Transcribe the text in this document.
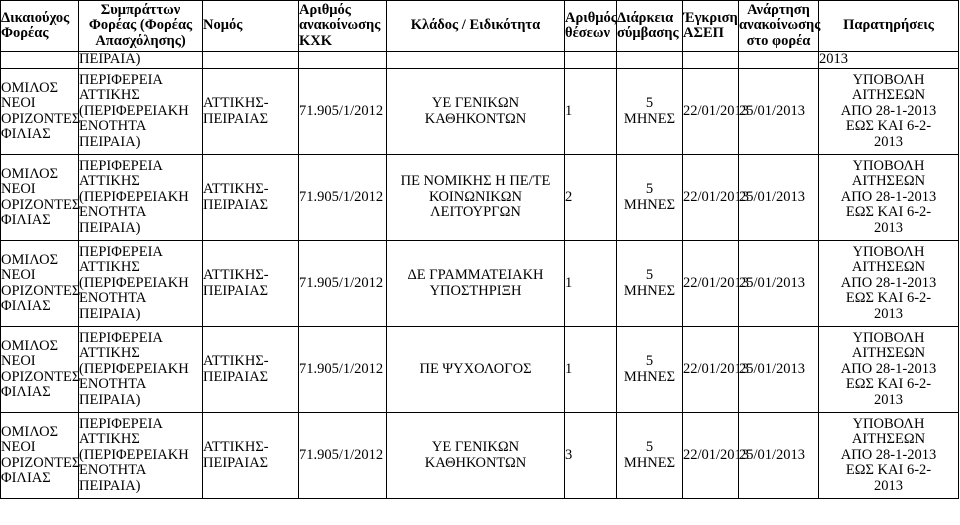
Δικαιούχος
Φορέας	Συμπράττων
Φορέας (Φορέας
Απασχόλησης)	Νομός	Αριθμός
ανακοίνωσης
ΚΧΚ	Κλάδος / Ειδικότητα	Αριθμός
θέσεων	Διάρκεια
σύμβασης	Έγκριση
ΑΣΕΠ	Ανάρτηση
ανακοίνωσης
στο φορέα	Παρατηρήσεις
	ΠΕΙΡΑΙΑ)								2013
ΟΜΙΛΟΣ
ΝΕΟΙ
ΟΡΙΖΟΝΤΕΣ
ΦΙΛΙΑΣ	ΠΕΡΙΦΕΡΕΙΑ
ΑΤΤΙΚΗΣ
(ΠΕΡΙΦΕΡΕΙΑΚΗ
ΕΝΟΤΗΤΑ
ΠΕΙΡΑΙΑ)	ΑΤΤΙΚΗΣ-
ΠΕΙΡΑΙΑΣ	71.905/1/2012	ΥΕ ΓΕΝΙΚΩΝ
ΚΑΘΗΚΟΝΤΩΝ	1	5
ΜΗΝΕΣ	22/01/2013	25/01/2013	ΥΠΟΒΟΛΗ
ΑΙΤΗΣΕΩΝ
ΑΠΟ 28-1-2013
ΕΩΣ ΚΑΙ 6-2-
2013
ΟΜΙΛΟΣ
ΝΕΟΙ
ΟΡΙΖΟΝΤΕΣ
ΦΙΛΙΑΣ	ΠΕΡΙΦΕΡΕΙΑ
ΑΤΤΙΚΗΣ
(ΠΕΡΙΦΕΡΕΙΑΚΗ
ΕΝΟΤΗΤΑ
ΠΕΙΡΑΙΑ)	ΑΤΤΙΚΗΣ-
ΠΕΙΡΑΙΑΣ	71.905/1/2012	ΠΕ ΝΟΜΙΚΗΣ Η ΠΕ/ΤΕ
ΚΟΙΝΩΝΙΚΩΝ
ΛΕΙΤΟΥΡΓΩΝ	2	5
ΜΗΝΕΣ	22/01/2013	25/01/2013	ΥΠΟΒΟΛΗ
ΑΙΤΗΣΕΩΝ
ΑΠΟ 28-1-2013
ΕΩΣ ΚΑΙ 6-2-
2013
ΟΜΙΛΟΣ
ΝΕΟΙ
ΟΡΙΖΟΝΤΕΣ
ΦΙΛΙΑΣ	ΠΕΡΙΦΕΡΕΙΑ
ΑΤΤΙΚΗΣ
(ΠΕΡΙΦΕΡΕΙΑΚΗ
ΕΝΟΤΗΤΑ
ΠΕΙΡΑΙΑ)	ΑΤΤΙΚΗΣ-
ΠΕΙΡΑΙΑΣ	71.905/1/2012	ΔΕ ΓΡΑΜΜΑΤΕΙΑΚΗ
ΥΠΟΣΤΗΡΙΞΗ	1	5
ΜΗΝΕΣ	22/01/2013	25/01/2013	ΥΠΟΒΟΛΗ
ΑΙΤΗΣΕΩΝ
ΑΠΟ 28-1-2013
ΕΩΣ ΚΑΙ 6-2-
2013
ΟΜΙΛΟΣ
ΝΕΟΙ
ΟΡΙΖΟΝΤΕΣ
ΦΙΛΙΑΣ	ΠΕΡΙΦΕΡΕΙΑ
ΑΤΤΙΚΗΣ
(ΠΕΡΙΦΕΡΕΙΑΚΗ
ΕΝΟΤΗΤΑ
ΠΕΙΡΑΙΑ)	ΑΤΤΙΚΗΣ-
ΠΕΙΡΑΙΑΣ	71.905/1/2012	ΠΕ ΨΥΧΟΛΟΓΟΣ	1	5
ΜΗΝΕΣ	22/01/2013	25/01/2013	ΥΠΟΒΟΛΗ
ΑΙΤΗΣΕΩΝ
ΑΠΟ 28-1-2013
ΕΩΣ ΚΑΙ 6-2-
2013
ΟΜΙΛΟΣ
ΝΕΟΙ
ΟΡΙΖΟΝΤΕΣ
ΦΙΛΙΑΣ	ΠΕΡΙΦΕΡΕΙΑ
ΑΤΤΙΚΗΣ
(ΠΕΡΙΦΕΡΕΙΑΚΗ
ΕΝΟΤΗΤΑ
ΠΕΙΡΑΙΑ)	ΑΤΤΙΚΗΣ-
ΠΕΙΡΑΙΑΣ	71.905/1/2012	ΥΕ ΓΕΝΙΚΩΝ
ΚΑΘΗΚΟΝΤΩΝ	3	5
ΜΗΝΕΣ	22/01/2013	25/01/2013	ΥΠΟΒΟΛΗ
ΑΙΤΗΣΕΩΝ
ΑΠΟ 28-1-2013
ΕΩΣ ΚΑΙ 6-2-
2013
